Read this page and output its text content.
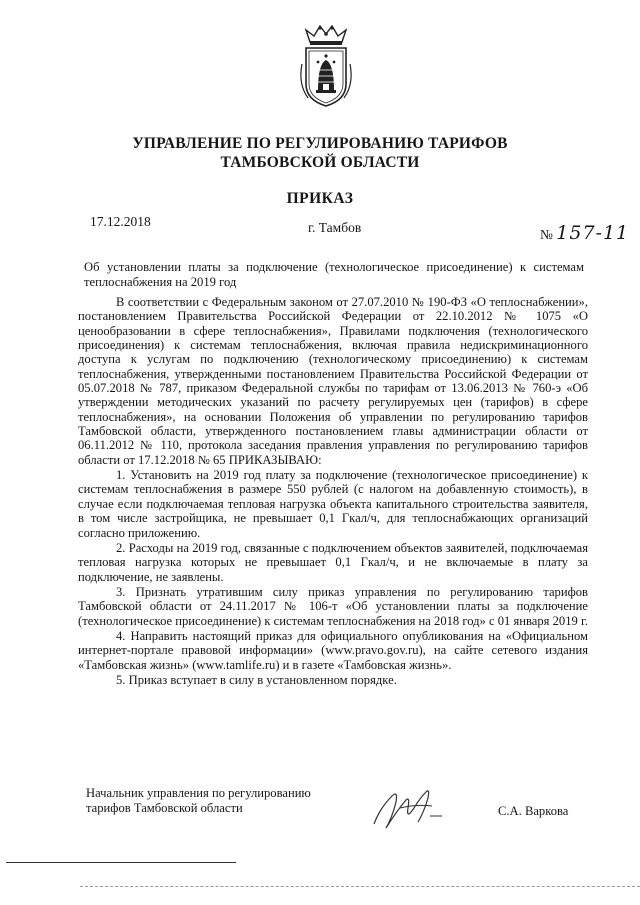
УПРАВЛЕНИЕ ПО РЕГУЛИРОВАНИЮ ТАРИФОВ
ТАМБОВСКОЙ ОБЛАСТИ
ПРИКАЗ
17.12.2018	г. Тамбов	№ 157-11
Об установлении платы за подключение (технологическое присоединение) к системам теплоснабжения на 2019 год

В соответствии с Федеральным законом от 27.07.2010 № 190-ФЗ «О теплоснабжении», постановлением Правительства Российской Федерации от 22.10.2012 № 1075 «О ценообразовании в сфере теплоснабжения», Правилами подключения (технологического присоединения) к системам теплоснабжения, включая правила недискриминационного доступа к услугам по подключению (технологическому присоединению) к системам теплоснабжения, утвержденными постановлением Правительства Российской Федерации от 05.07.2018 № 787, приказом Федеральной службы по тарифам от 13.06.2013 № 760-э «Об утверждении методических указаний по расчету регулируемых цен (тарифов) в сфере теплоснабжения», на основании Положения об управлении по регулированию тарифов Тамбовской области, утвержденного постановлением главы администрации области от 06.11.2012 № 110, протокола заседания правления управления по регулированию тарифов области от 17.12.2018 № 65 ПРИКАЗЫВАЮ:

1. Установить на 2019 год плату за подключение (технологическое присоединение) к системам теплоснабжения в размере 550 рублей (с налогом на добавленную стоимость), в случае если подключаемая тепловая нагрузка объекта капитального строительства заявителя, в том числе застройщика, не превышает 0,1 Гкал/ч, для теплоснабжающих организаций согласно приложению.

2. Расходы на 2019 год, связанные с подключением объектов заявителей, подключаемая тепловая нагрузка которых не превышает 0,1 Гкал/ч, и не включаемые в плату за подключение, не заявлены.

3. Признать утратившим силу приказ управления по регулированию тарифов Тамбовской области от 24.11.2017 № 106-т «Об установлении платы за подключение (технологическое присоединение) к системам теплоснабжения на 2018 год» с 01 января 2019 г.

4. Направить настоящий приказ для официального опубликования на «Официальном интернет-портале правовой информации» (www.pravo.gov.ru), на сайте сетевого издания «Тамбовская жизнь» (www.tamlife.ru) и в газете «Тамбовская жизнь».

5. Приказ вступает в силу в установленном порядке.

Начальник управления по регулированию
тарифов Тамбовской области	С.А. Варкова
